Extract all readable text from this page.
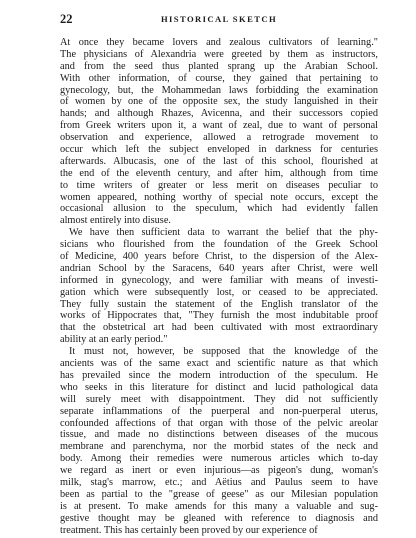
22	HISTORICAL SKETCH

At once they became lovers and zealous cultivators of learning."
The physicians of Alexandria were greeted by them as instructors,
and from the seed thus planted sprang up the Arabian School.
With other information, of course, they gained that pertaining to
gynecology, but, the Mohammedan laws forbidding the examination
of women by one of the opposite sex, the study languished in their
hands; and although Rhazes, Avicenna, and their successors copied
from Greek writers upon it, a want of zeal, due to want of personal
observation and experience, allowed a retrograde movement to
occur which left the subject enveloped in darkness for centuries
afterwards. Albucasis, one of the last of this school, flourished at
the end of the eleventh century, and after him, although from time
to time writers of greater or less merit on diseases peculiar to
women appeared, nothing worthy of special note occurs, except the
occasional allusion to the speculum, which had evidently fallen
almost entirely into disuse.

We have then sufficient data to warrant the belief that the phy-
sicians who flourished from the foundation of the Greek School
of Medicine, 400 years before Christ, to the dispersion of the Alex-
andrian School by the Saracens, 640 years after Christ, were well
informed in gynecology, and were familiar with means of investi-
gation which were subsequently lost, or ceased to be appreciated.
They fully sustain the statement of the English translator of the
works of Hippocrates that, "They furnish the most indubitable proof
that the obstetrical art had been cultivated with most extraordinary
ability at an early period."

It must not, however, be supposed that the knowledge of the
ancients was of the same exact and scientific nature as that which
has prevailed since the modern introduction of the speculum. He
who seeks in this literature for distinct and lucid pathological data
will surely meet with disappointment. They did not sufficiently
separate inflammations of the puerperal and non-puerperal uterus,
confounded affections of that organ with those of the pelvic areolar
tissue, and made no distinctions between diseases of the mucous
membrane and parenchyma, nor the morbid states of the neck and
body. Among their remedies were numerous articles which to-day
we regard as inert or even injurious—as pigeon's dung, woman's
milk, stag's marrow, etc.; and Aëtius and Paulus seem to have
been as partial to the "grease of geese" as our Milesian population
is at present. To make amends for this many a valuable and sug-
gestive thought may be gleaned with reference to diagnosis and
treatment. This has certainly been proved by our experience of
